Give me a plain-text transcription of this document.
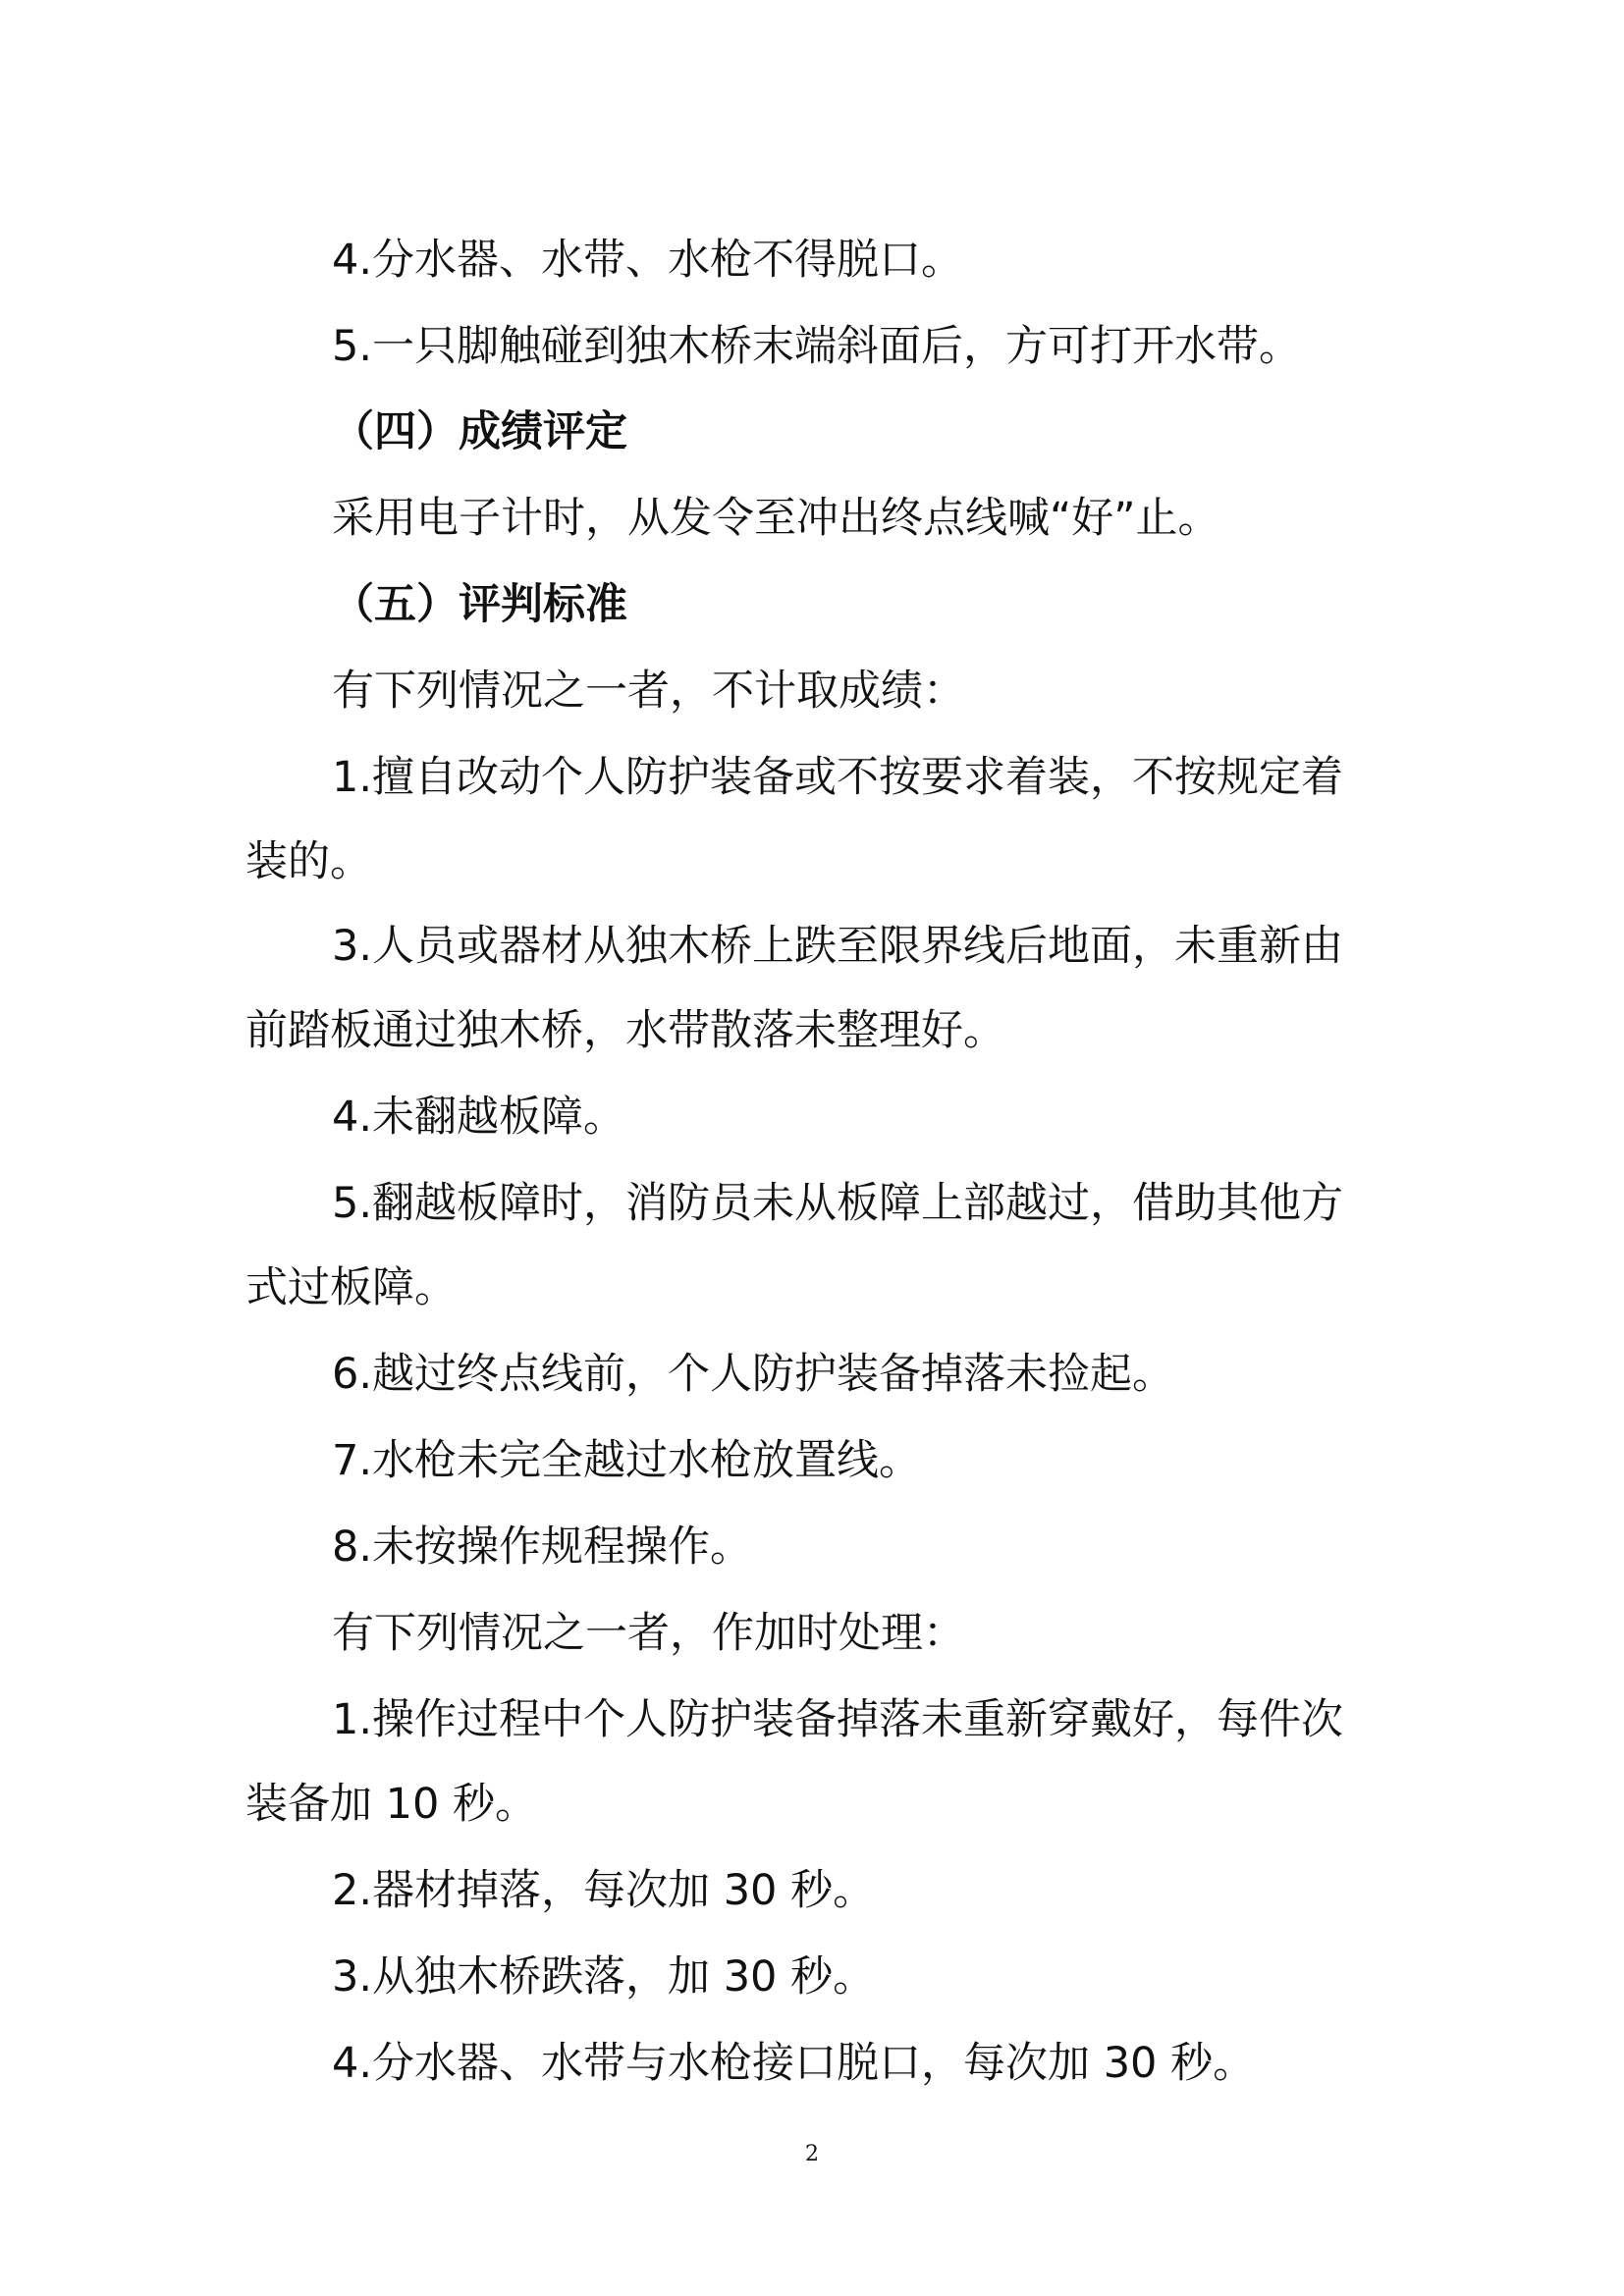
4.分水器、水带、水枪不得脱口。
5.一只脚触碰到独木桥末端斜面后，方可打开水带。
（四）成绩评定
采用电子计时，从发令至冲出终点线喊“好”止。
（五）评判标准
有下列情况之一者，不计取成绩：
1.擅自改动个人防护装备或不按要求着装，不按规定着
装的。
3.人员或器材从独木桥上跌至限界线后地面，未重新由
前踏板通过独木桥，水带散落未整理好。
4.未翻越板障。
5.翻越板障时，消防员未从板障上部越过，借助其他方
式过板障。
6.越过终点线前，个人防护装备掉落未捡起。
7.水枪未完全越过水枪放置线。
8.未按操作规程操作。
有下列情况之一者，作加时处理：
1.操作过程中个人防护装备掉落未重新穿戴好，每件次
装备加 10 秒。
2.器材掉落，每次加 30 秒。
3.从独木桥跌落，加 30 秒。
4.分水器、水带与水枪接口脱口，每次加 30 秒。
2
